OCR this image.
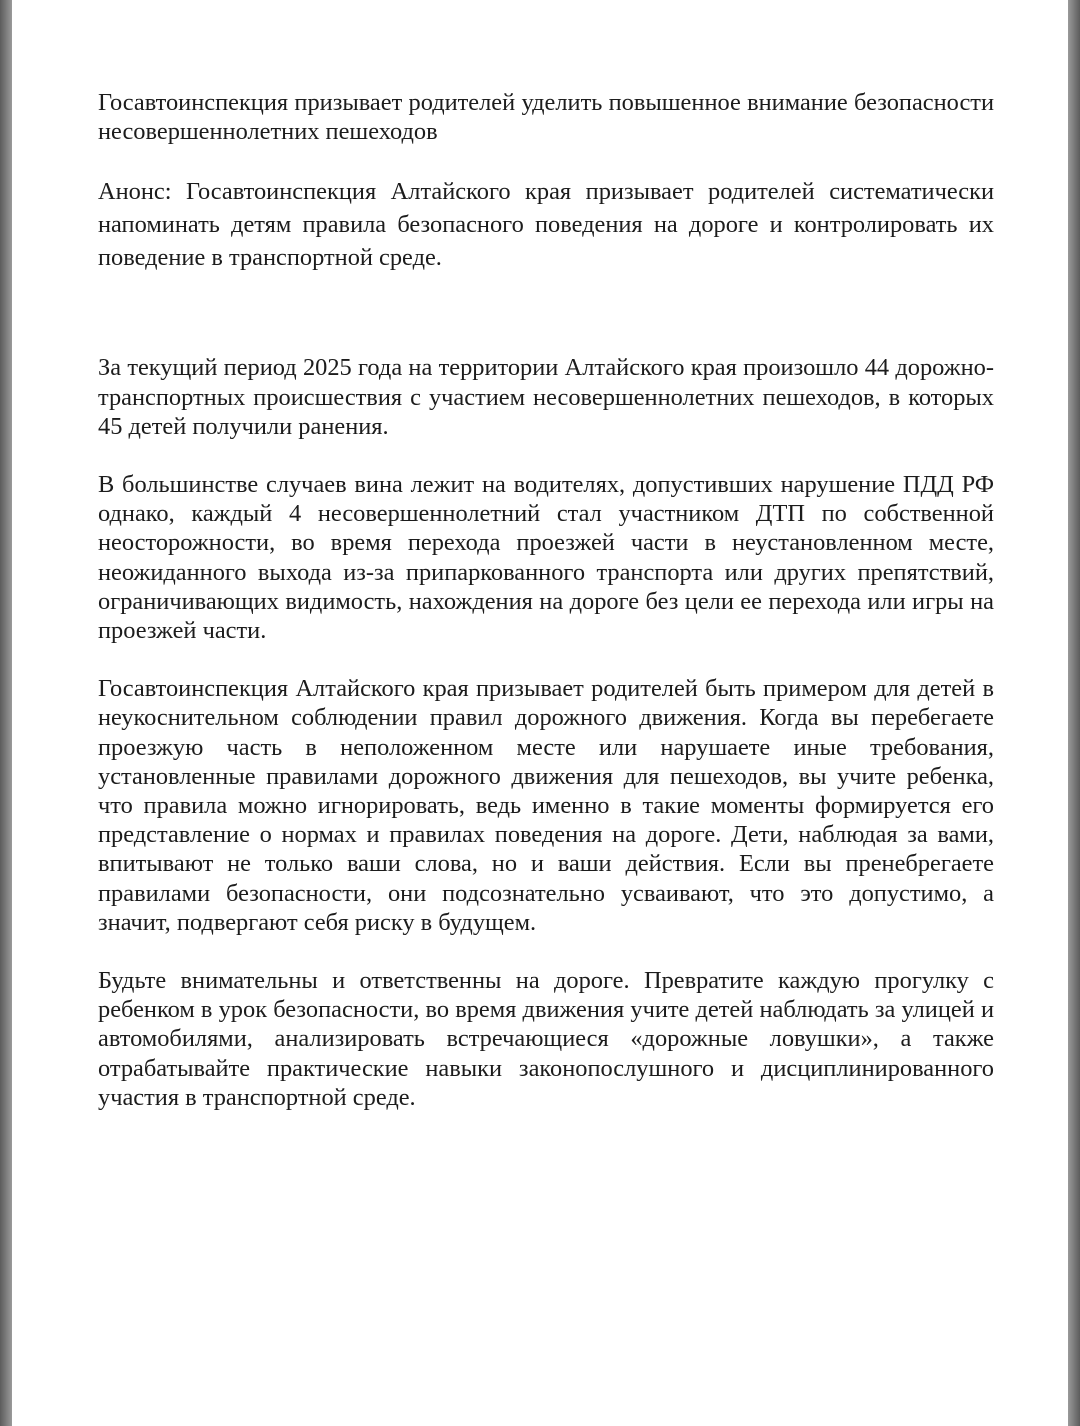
Госавтоинспекция призывает родителей уделить повышенное внимание безопасности несовершеннолетних пешеходов

Анонс: Госавтоинспекция Алтайского края призывает родителей систематически напоминать детям правила безопасного поведения на дороге и контролировать их поведение в транспортной среде.

За текущий период 2025 года на территории Алтайского края произошло 44 дорожно-транспортных происшествия с участием несовершеннолетних пешеходов, в которых 45 детей получили ранения.

В большинстве случаев вина лежит на водителях, допустивших нарушение ПДД РФ однако, каждый 4 несовершеннолетний стал участником ДТП по собственной неосторожности, во время перехода проезжей части в неустановленном месте, неожиданного выхода из-за припаркованного транспорта или других препятствий, ограничивающих видимость, нахождения на дороге без цели ее перехода или игры на проезжей части.

Госавтоинспекция Алтайского края призывает родителей быть примером для детей в неукоснительном соблюдении правил дорожного движения. Когда вы перебегаете проезжую часть в неположенном месте или нарушаете иные требования, установленные правилами дорожного движения для пешеходов, вы учите ребенка, что правила можно игнорировать, ведь именно в такие моменты формируется его представление о нормах и правилах поведения на дороге. Дети, наблюдая за вами, впитывают не только ваши слова, но и ваши действия. Если вы пренебрегаете правилами безопасности, они подсознательно усваивают, что это допустимо, а значит, подвергают себя риску в будущем.

Будьте внимательны и ответственны на дороге. Превратите каждую прогулку с ребенком в урок безопасности, во время движения учите детей наблюдать за улицей и автомобилями, анализировать встречающиеся «дорожные ловушки», а также отрабатывайте практические навыки законопослушного и дисциплинированного участия в транспортной среде.
